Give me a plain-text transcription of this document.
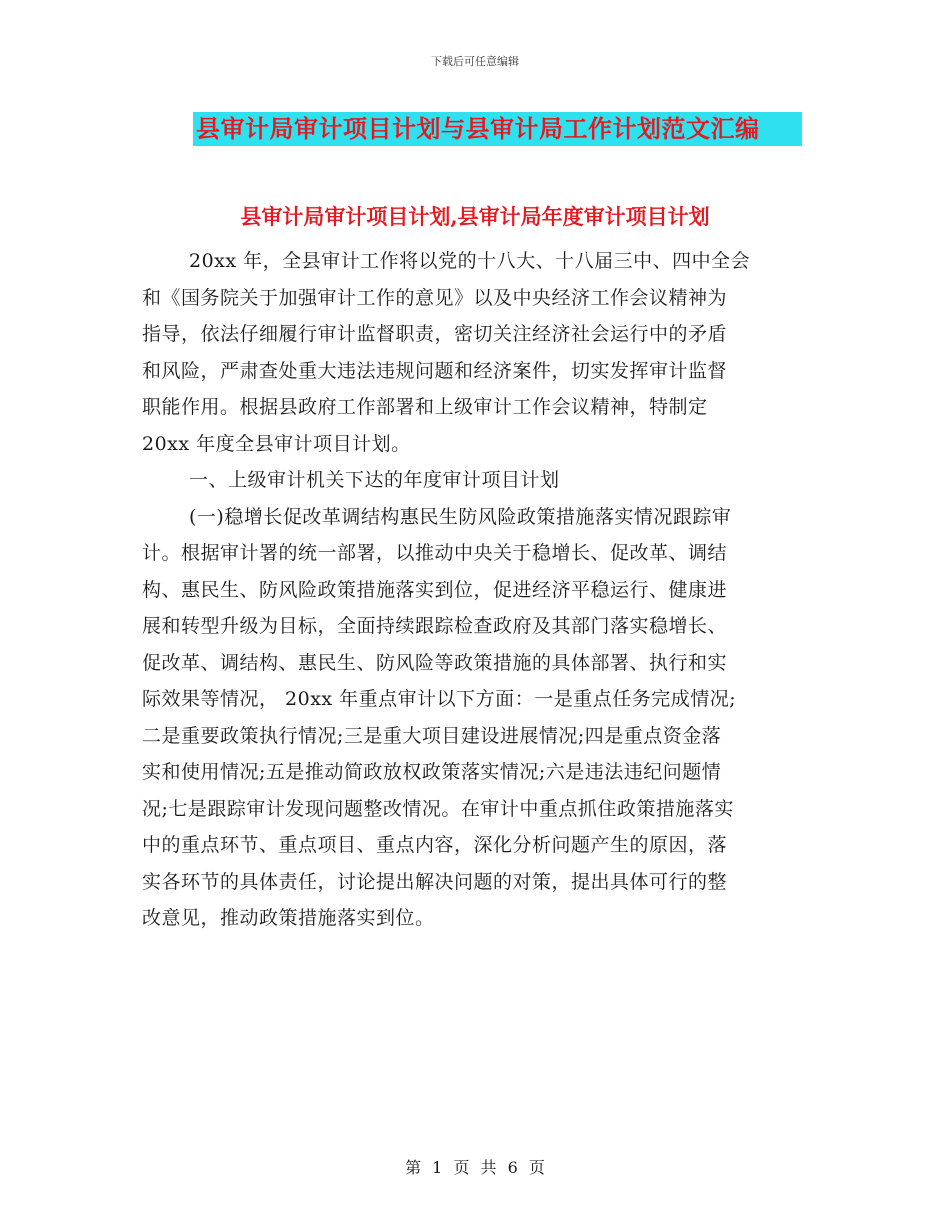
下载后可任意编辑
县审计局审计项目计划与县审计局工作计划范文汇编
县审计局审计项目计划,县审计局年度审计项目计划
20xx 年，全县审计工作将以党的十八大、十八届三中、四中全会
和《国务院关于加强审计工作的意见》以及中央经济工作会议精神为
指导，依法仔细履行审计监督职责，密切关注经济社会运行中的矛盾
和风险，严肃查处重大违法违规问题和经济案件，切实发挥审计监督
职能作用。根据县政府工作部署和上级审计工作会议精神，特制定
20xx 年度全县审计项目计划。
一、上级审计机关下达的年度审计项目计划
(一)稳增长促改革调结构惠民生防风险政策措施落实情况跟踪审
计。根据审计署的统一部署，以推动中央关于稳增长、促改革、调结
构、惠民生、防风险政策措施落实到位，促进经济平稳运行、健康进
展和转型升级为目标，全面持续跟踪检查政府及其部门落实稳增长、
促改革、调结构、惠民生、防风险等政策措施的具体部署、执行和实
际效果等情况， 20xx 年重点审计以下方面：一是重点任务完成情况;
二是重要政策执行情况;三是重大项目建设进展情况;四是重点资金落
实和使用情况;五是推动简政放权政策落实情况;六是违法违纪问题情
况;七是跟踪审计发现问题整改情况。在审计中重点抓住政策措施落实
中的重点环节、重点项目、重点内容，深化分析问题产生的原因，落
实各环节的具体责任，讨论提出解决问题的对策，提出具体可行的整
改意见，推动政策措施落实到位。
第 1 页 共 6 页
